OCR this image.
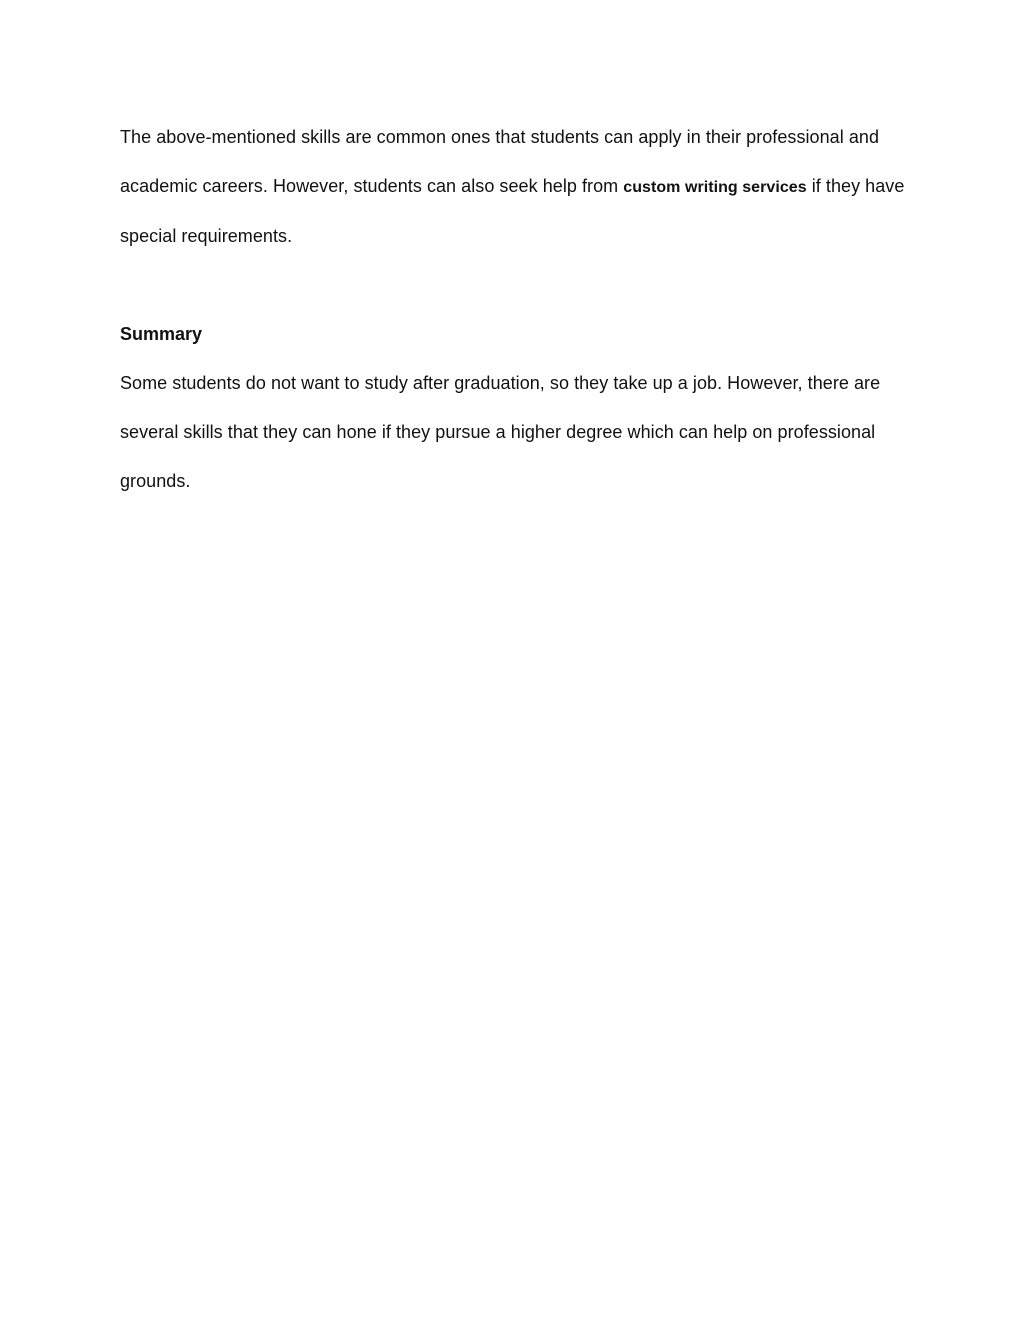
The above-mentioned skills are common ones that students can apply in their professional and academic careers. However, students can also seek help from custom writing services if they have special requirements.

Summary

Some students do not want to study after graduation, so they take up a job. However, there are several skills that they can hone if they pursue a higher degree which can help on professional grounds.
